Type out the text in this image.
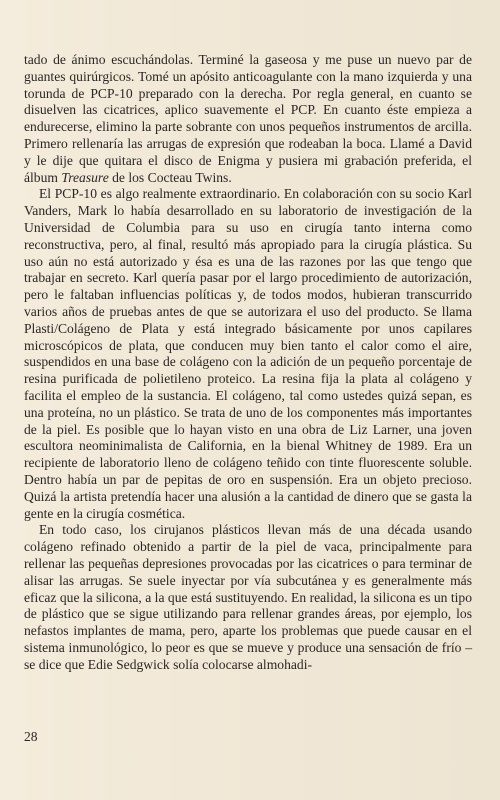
tado de ánimo escuchándolas. Terminé la gaseosa y me puse un nuevo par de guantes quirúrgicos. Tomé un apósito anticoagulante con la mano izquierda y una torunda de PCP-10 preparado con la derecha. Por regla general, en cuanto se disuelven las cicatrices, aplico suavemente el PCP. En cuanto éste empieza a endurecerse, elimino la parte sobrante con unos pequeños instrumentos de arcilla. Primero rellenaría las arrugas de expresión que rodeaban la boca. Llamé a David y le dije que quitara el disco de Enigma y pusiera mi grabación preferida, el álbum Treasure de los Cocteau Twins.

El PCP-10 es algo realmente extraordinario. En colaboración con su socio Karl Vanders, Mark lo había desarrollado en su laboratorio de investigación de la Universidad de Columbia para su uso en cirugía tanto interna como reconstructiva, pero, al final, resultó más apropiado para la cirugía plástica. Su uso aún no está autorizado y ésa es una de las razones por las que tengo que trabajar en secreto. Karl quería pasar por el largo procedimiento de autorización, pero le faltaban influencias políticas y, de todos modos, hubieran transcurrido varios años de pruebas antes de que se autorizara el uso del producto. Se llama Plasti/Colágeno de Plata y está integrado básicamente por unos capilares microscópicos de plata, que conducen muy bien tanto el calor como el aire, suspendidos en una base de colágeno con la adición de un pequeño porcentaje de resina purificada de polietileno proteico. La resina fija la plata al colágeno y facilita el empleo de la sustancia. El colágeno, tal como ustedes quizá sepan, es una proteína, no un plástico. Se trata de uno de los componentes más importantes de la piel. Es posible que lo hayan visto en una obra de Liz Larner, una joven escultora neominimalista de California, en la bienal Whitney de 1989. Era un recipiente de laboratorio lleno de colágeno teñido con tinte fluorescente soluble. Dentro había un par de pepitas de oro en suspensión. Era un objeto precioso. Quizá la artista pretendía hacer una alusión a la cantidad de dinero que se gasta la gente en la cirugía cosmética.

En todo caso, los cirujanos plásticos llevan más de una década usando colágeno refinado obtenido a partir de la piel de vaca, principalmente para rellenar las pequeñas depresiones provocadas por las cicatrices o para terminar de alisar las arrugas. Se suele inyectar por vía subcutánea y es generalmente más eficaz que la silicona, a la que está sustituyendo. En realidad, la silicona es un tipo de plástico que se sigue utilizando para rellenar grandes áreas, por ejemplo, los nefastos implantes de mama, pero, aparte los problemas que puede causar en el sistema inmunológico, lo peor es que se mueve y produce una sensación de frío –se dice que Edie Sedgwick solía colocarse almohadi-

28
